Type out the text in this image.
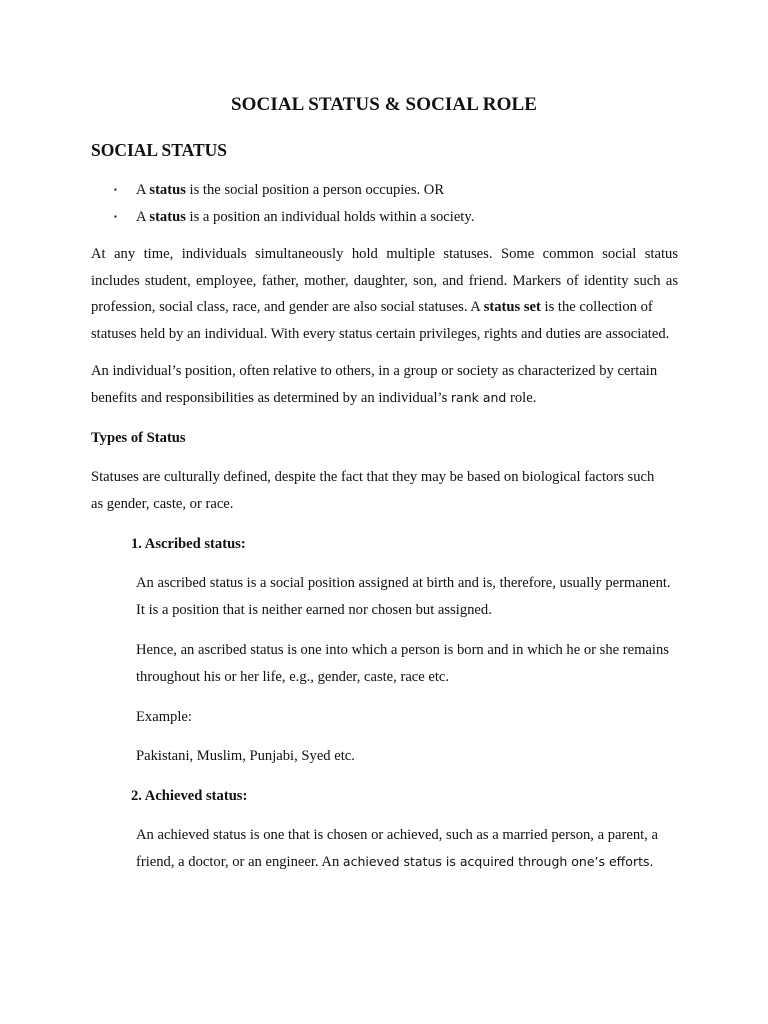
SOCIAL STATUS & SOCIAL ROLE
SOCIAL STATUS
▪ A status is the social position a person occupies. OR
▪ A status is a position an individual holds within a society.
At any time, individuals simultaneously hold multiple statuses. Some common social status
includes student, employee, father, mother, daughter, son, and friend. Markers of identity such as
profession, social class, race, and gender are also social statuses. A status set is the collection of
statuses held by an individual. With every status certain privileges, rights and duties are associated.
An individual’s position, often relative to others, in a group or society as characterized by certain
benefits and responsibilities as determined by an individual’s rank and role.
Types of Status
Statuses are culturally defined, despite the fact that they may be based on biological factors such
as gender, caste, or race.
1. Ascribed status:
An ascribed status is a social position assigned at birth and is, therefore, usually permanent.
It is a position that is neither earned nor chosen but assigned.
Hence, an ascribed status is one into which a person is born and in which he or she remains
throughout his or her life, e.g., gender, caste, race etc.
Example:
Pakistani, Muslim, Punjabi, Syed etc.
2. Achieved status:
An achieved status is one that is chosen or achieved, such as a married person, a parent, a
friend, a doctor, or an engineer. An achieved status is acquired through one’s efforts.
